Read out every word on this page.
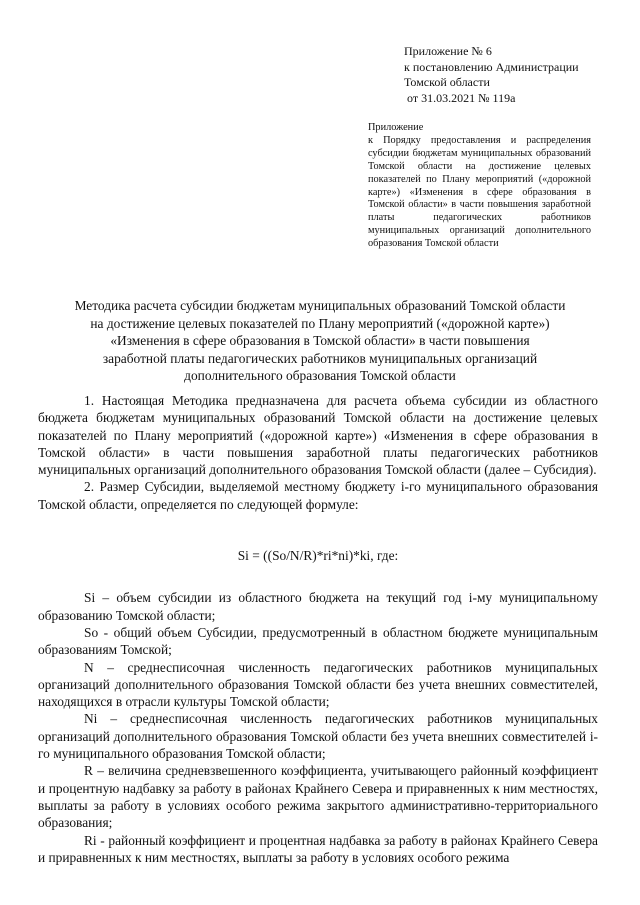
Приложение № 6
к постановлению Администрации
Томской области
от 31.03.2021 № 119а
Приложение
к Порядку предоставления и распределения субсидии бюджетам муниципальных образований Томской области на достижение целевых показателей по Плану мероприятий («дорожной карте») «Изменения в сфере образования в Томской области» в части повышения заработной платы педагогических работников муниципальных организаций дополнительного образования Томской области
Методика расчета субсидии бюджетам муниципальных образований Томской области
на достижение целевых показателей по Плану мероприятий («дорожной карте»)
«Изменения в сфере образования в Томской области» в части повышения
заработной платы педагогических работников муниципальных организаций
дополнительного образования Томской области

1. Настоящая Методика предназначена для расчета объема субсидии из областного бюджета бюджетам муниципальных образований Томской области на достижение целевых показателей по Плану мероприятий («дорожной карте») «Изменения в сфере образования в Томской области» в части повышения заработной платы педагогических работников муниципальных организаций дополнительного образования Томской области (далее – Субсидия).

2. Размер Субсидии, выделяемой местному бюджету i-го муниципального образования Томской области, определяется по следующей формуле:

Si = ((So/N/R)*ri*ni)*ki, где:

Si – объем субсидии из областного бюджета на текущий год i-му муниципальному образованию Томской области;

So - общий объем Субсидии, предусмотренный в областном бюджете муниципальным образованиям Томской;

N – среднесписочная численность педагогических работников муниципальных организаций дополнительного образования Томской области без учета внешних совместителей, находящихся в отрасли культуры Томской области;

Ni – среднесписочная численность педагогических работников муниципальных организаций дополнительного образования Томской области без учета внешних совместителей i-го муниципального образования Томской области;

R – величина средневзвешенного коэффициента, учитывающего районный коэффициент и процентную надбавку за работу в районах Крайнего Севера и приравненных к ним местностях, выплаты за работу в условиях особого режима закрытого административно-территориального образования;

Ri - районный коэффициент и процентная надбавка за работу в районах Крайнего Севера и приравненных к ним местностях, выплаты за работу в условиях особого режима
